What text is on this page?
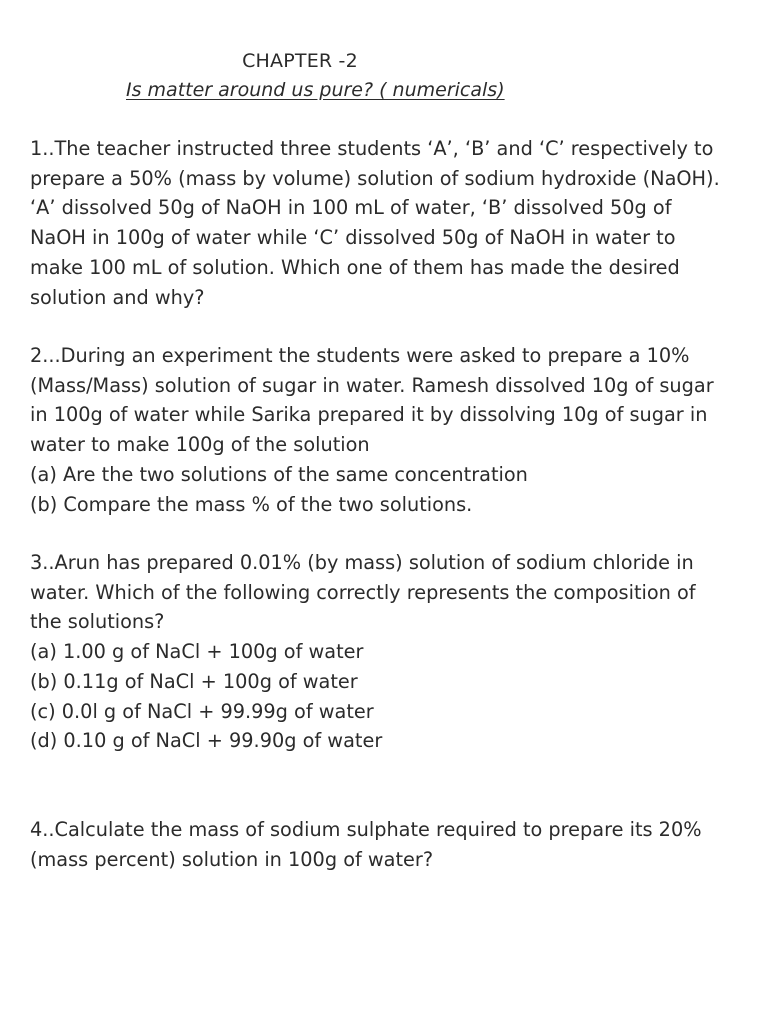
CHAPTER -2
Is matter around us pure? ( numericals)
1..The teacher instructed three students ‘A’, ‘B’ and ‘C’ respectively to
prepare a 50% (mass by volume) solution of sodium hydroxide (NaOH).
‘A’ dissolved 50g of NaOH in 100 mL of water, ‘B’ dissolved 50g of
NaOH in 100g of water while ‘C’ dissolved 50g of NaOH in water to
make 100 mL of solution. Which one of them has made the desired
solution and why?
2...During an experiment the students were asked to prepare a 10%
(Mass/Mass) solution of sugar in water. Ramesh dissolved 10g of sugar
in 100g of water while Sarika prepared it by dissolving 10g of sugar in
water to make 100g of the solution
(a) Are the two solutions of the same concentration
(b) Compare the mass % of the two solutions.
3..Arun has prepared 0.01% (by mass) solution of sodium chloride in
water. Which of the following correctly represents the composition of
the solutions?
(a) 1.00 g of NaCl + 100g of water
(b) 0.11g of NaCl + 100g of water
(c) 0.0l g of NaCl + 99.99g of water
(d) 0.10 g of NaCl + 99.90g of water
4..Calculate the mass of sodium sulphate required to prepare its 20%
(mass percent) solution in 100g of water?
